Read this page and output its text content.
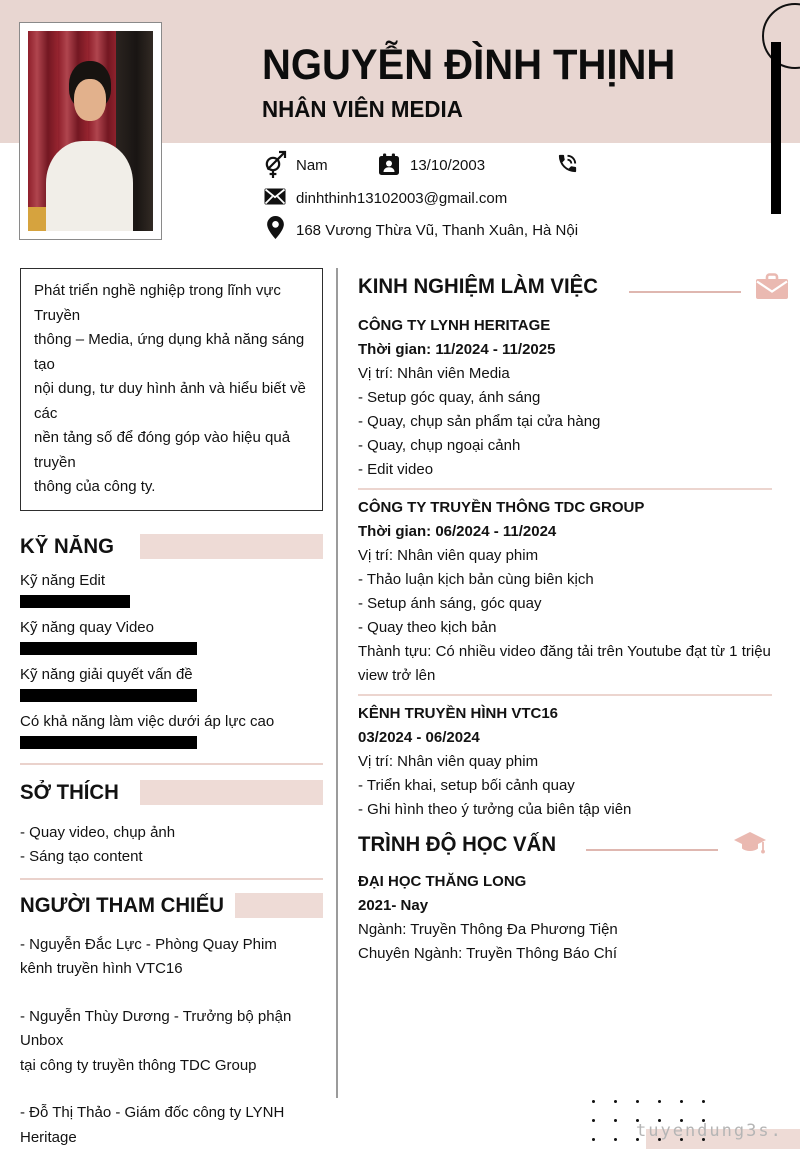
NGUYỄN ĐÌNH THỊNH
NHÂN VIÊN MEDIA
Nam	13/10/2003
dinhthinh13102003@gmail.com
168 Vương Thừa Vũ, Thanh Xuân, Hà Nội
Phát triển nghề nghiệp trong lĩnh vực Truyền
thông – Media, ứng dụng khả năng sáng tạo
nội dung, tư duy hình ảnh và hiểu biết về các
nền tảng số để đóng góp vào hiệu quả truyền
thông của công ty.
KỸ NĂNG
Kỹ năng Edit
Kỹ năng quay Video
Kỹ năng giải quyết vấn đề
Có khả năng làm việc dưới áp lực cao
SỞ THÍCH
- Quay video, chụp ảnh
- Sáng tạo content
NGƯỜI THAM CHIẾU
- Nguyễn Đắc Lực - Phòng Quay Phim
kênh truyền hình VTC16
- Nguyễn Thùy Dương - Trưởng bộ phận Unbox
tại công ty truyền thông TDC Group
- Đỗ Thị Thảo - Giám đốc công ty LYNH
Heritage
KINH NGHIỆM LÀM VIỆC

CÔNG TY LYNH HERITAGE

Thời gian: 11/2024 - 11/2025

Vị trí: Nhân viên Media

- Setup góc quay, ánh sáng

- Quay, chụp sản phẩm tại cửa hàng

- Quay, chụp ngoại cảnh

- Edit video

CÔNG TY TRUYỀN THÔNG TDC GROUP

Thời gian: 06/2024 - 11/2024

Vị trí: Nhân viên quay phim

- Thảo luận kịch bản cùng biên kịch

- Setup ánh sáng, góc quay

- Quay theo kịch bản

Thành tựu: Có nhiều video đăng tải trên Youtube đạt từ 1 triệu view trở lên

KÊNH TRUYỀN HÌNH VTC16

03/2024 - 06/2024

Vị trí: Nhân viên quay phim

- Triển khai, setup bối cảnh quay

- Ghi hình theo ý tưởng của biên tập viên

TRÌNH ĐỘ HỌC VẤN

ĐẠI HỌC THĂNG LONG

2021- Nay

Ngành: Truyền Thông Đa Phương Tiện

Chuyên Ngành: Truyền Thông Báo Chí

tuyendung3s.
